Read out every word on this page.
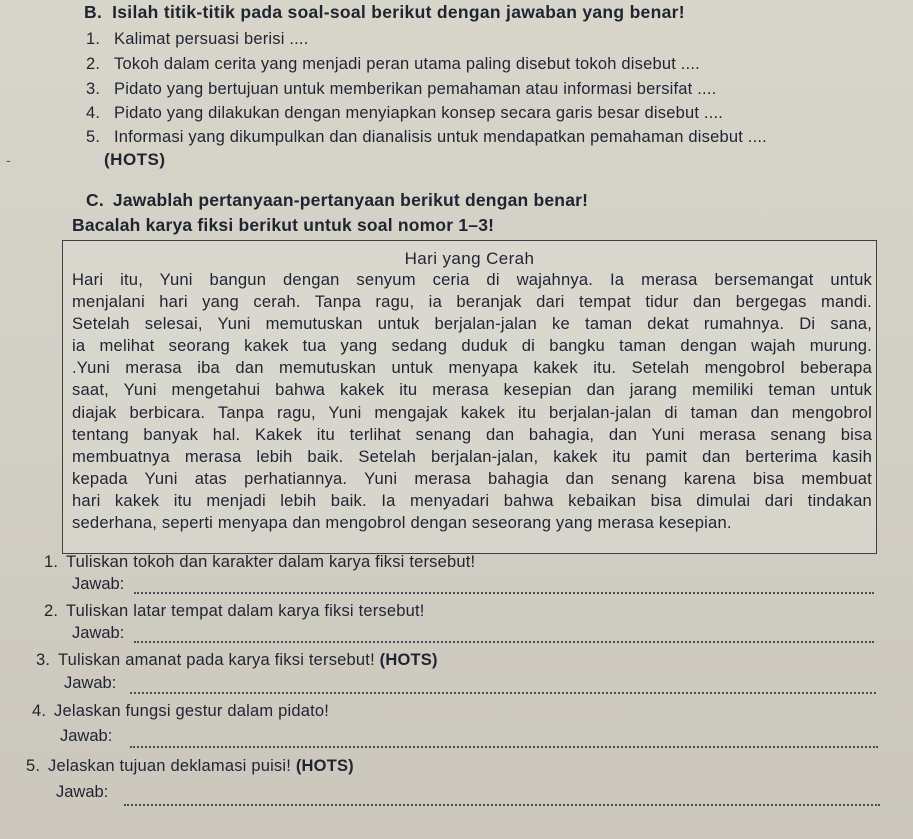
B. Isilah titik-titik pada soal-soal berikut dengan jawaban yang benar!
1. Kalimat persuasi berisi ....
2. Tokoh dalam cerita yang menjadi peran utama paling disebut tokoh disebut ....
3. Pidato yang bertujuan untuk memberikan pemahaman atau informasi bersifat ....
4. Pidato yang dilakukan dengan menyiapkan konsep secara garis besar disebut ....
5. Informasi yang dikumpulkan dan dianalisis untuk mendapatkan pemahaman disebut ....
(HOTS)
-
C. Jawablah pertanyaan-pertanyaan berikut dengan benar!
Bacalah karya fiksi berikut untuk soal nomor 1–3!
Hari yang Cerah
Hari itu, Yuni bangun dengan senyum ceria di wajahnya. Ia merasa bersemangat untuk
menjalani hari yang cerah. Tanpa ragu, ia beranjak dari tempat tidur dan bergegas mandi.
Setelah selesai, Yuni memutuskan untuk berjalan-jalan ke taman dekat rumahnya. Di sana,
ia melihat seorang kakek tua yang sedang duduk di bangku taman dengan wajah murung.
.Yuni merasa iba dan memutuskan untuk menyapa kakek itu. Setelah mengobrol beberapa
saat, Yuni mengetahui bahwa kakek itu merasa kesepian dan jarang memiliki teman untuk
diajak berbicara. Tanpa ragu, Yuni mengajak kakek itu berjalan-jalan di taman dan mengobrol
tentang banyak hal. Kakek itu terlihat senang dan bahagia, dan Yuni merasa senang bisa
membuatnya merasa lebih baik. Setelah berjalan-jalan, kakek itu pamit dan berterima kasih
kepada Yuni atas perhatiannya. Yuni merasa bahagia dan senang karena bisa membuat
hari kakek itu menjadi lebih baik. Ia menyadari bahwa kebaikan bisa dimulai dari tindakan
sederhana, seperti menyapa dan mengobrol dengan seseorang yang merasa kesepian.
1. Tuliskan tokoh dan karakter dalam karya fiksi tersebut!
Jawab:
2. Tuliskan latar tempat dalam karya fiksi tersebut!
Jawab:
3. Tuliskan amanat pada karya fiksi tersebut! (HOTS)
Jawab:
4. Jelaskan fungsi gestur dalam pidato!
Jawab:
5. Jelaskan tujuan deklamasi puisi! (HOTS)
Jawab:
